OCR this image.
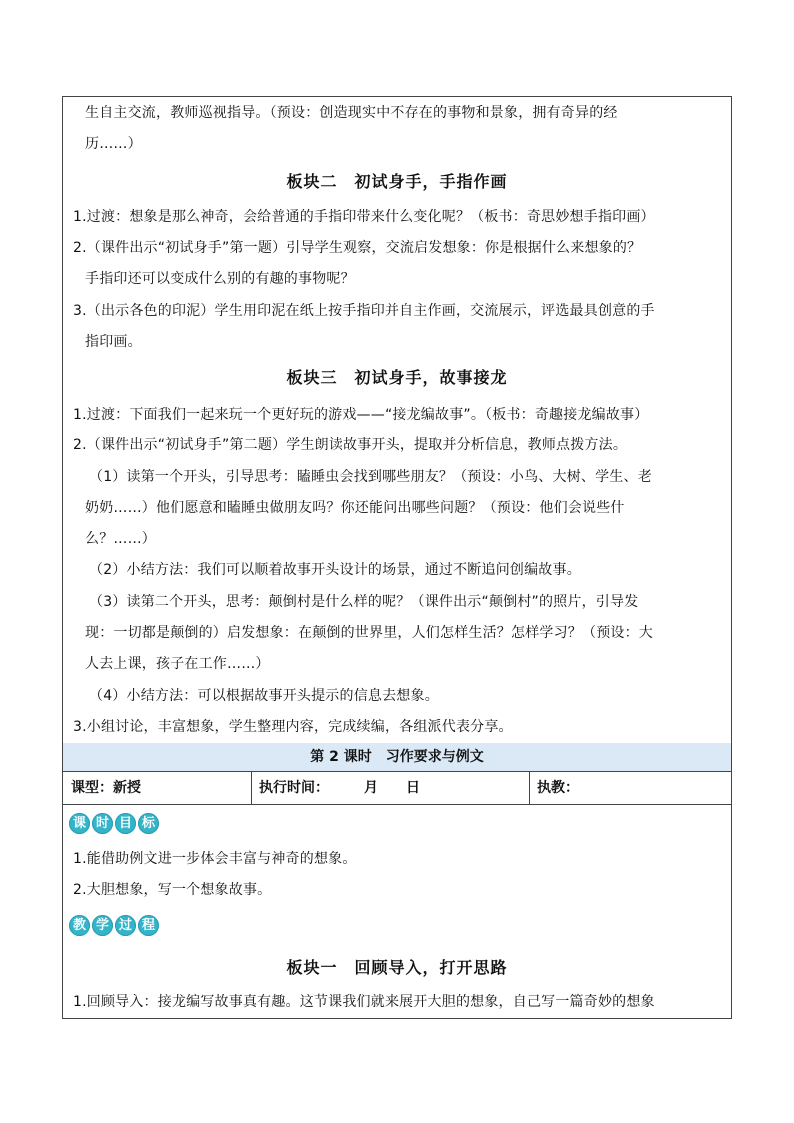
生自主交流，教师巡视指导。（预设：创造现实中不存在的事物和景象，拥有奇异的经
历……）
板块二　初试身手，手指作画
1.过渡：想象是那么神奇，会给普通的手指印带来什么变化呢？（板书：奇思妙想手指印画）
2.（课件出示“初试身手”第一题）引导学生观察，交流启发想象：你是根据什么来想象的？
手指印还可以变成什么别的有趣的事物呢？
3.（出示各色的印泥）学生用印泥在纸上按手指印并自主作画，交流展示，评选最具创意的手
指印画。
板块三　初试身手，故事接龙
1.过渡：下面我们一起来玩一个更好玩的游戏——“接龙编故事”。（板书：奇趣接龙编故事）
2.（课件出示“初试身手”第二题）学生朗读故事开头，提取并分析信息，教师点拨方法。
（1）读第一个开头，引导思考：瞌睡虫会找到哪些朋友？（预设：小鸟、大树、学生、老
奶奶……）他们愿意和瞌睡虫做朋友吗？你还能问出哪些问题？（预设：他们会说些什
么？……）
（2）小结方法：我们可以顺着故事开头设计的场景，通过不断追问创编故事。
（3）读第二个开头，思考：颠倒村是什么样的呢？（课件出示“颠倒村”的照片，引导发
现：一切都是颠倒的）启发想象：在颠倒的世界里，人们怎样生活？怎样学习？（预设：大
人去上课，孩子在工作……）
（4）小结方法：可以根据故事开头提示的信息去想象。
3.小组讨论，丰富想象，学生整理内容，完成续编，各组派代表分享。
第 2 课时　习作要求与例文
课型：新授	执行时间：　　　月　　日	执教：
课 时 目 标
1.能借助例文进一步体会丰富与神奇的想象。
2.大胆想象，写一个想象故事。
教 学 过 程
板块一　回顾导入，打开思路
1.回顾导入：接龙编写故事真有趣。这节课我们就来展开大胆的想象，自己写一篇奇妙的想象
